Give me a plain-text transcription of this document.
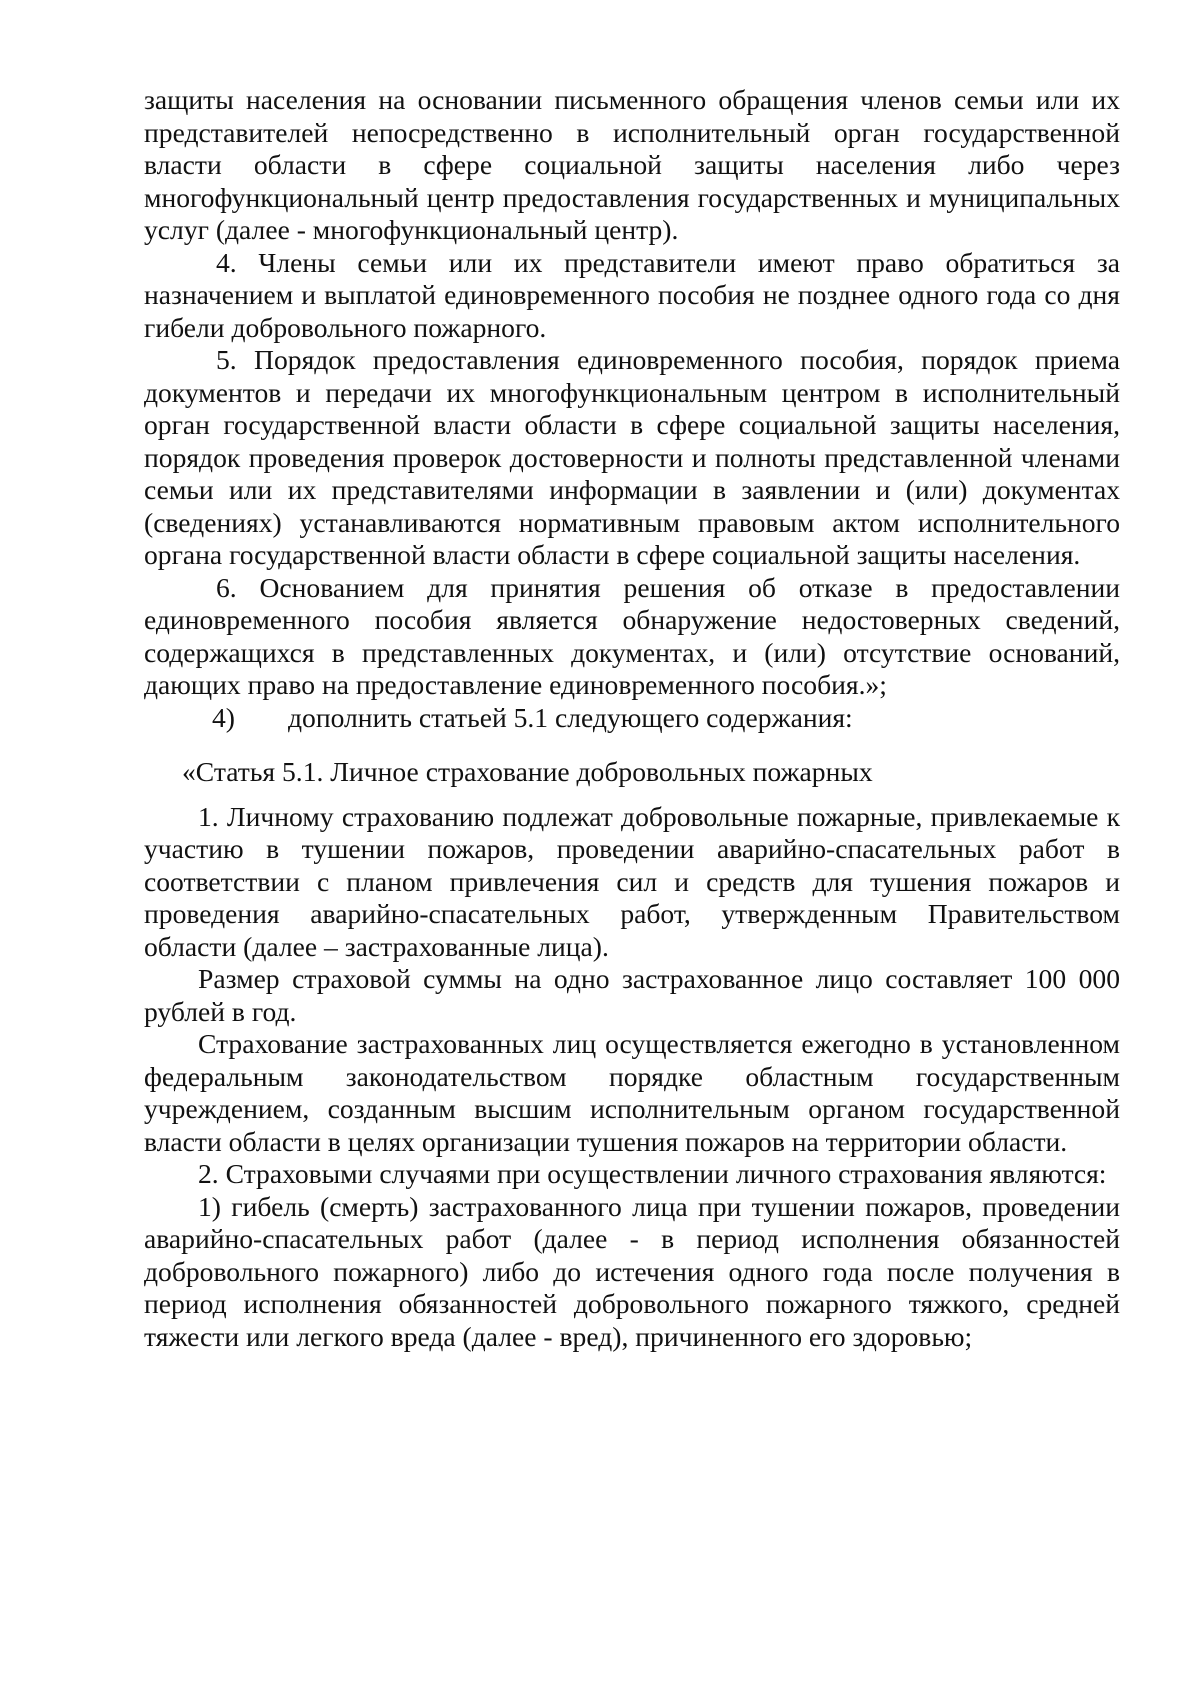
защиты населения на основании письменного обращения членов семьи или их представителей непосредственно в исполнительный орган государственной власти области в сфере социальной защиты населения либо через многофункциональный центр предоставления государственных и муниципальных услуг (далее - многофункциональный центр).

4. Члены семьи или их представители имеют право обратиться за назначением и выплатой единовременного пособия не позднее одного года со дня гибели добровольного пожарного.

5. Порядок предоставления единовременного пособия, порядок приема документов и передачи их многофункциональным центром в исполнительный орган государственной власти области в сфере социальной защиты населения, порядок проведения проверок достоверности и полноты представленной членами семьи или их представителями информации в заявлении и (или) документах (сведениях) устанавливаются нормативным правовым актом исполнительного органа государственной власти области в сфере социальной защиты населения.

6. Основанием для принятия решения об отказе в предоставлении единовременного пособия является обнаружение недостоверных сведений, содержащихся в представленных документах, и (или) отсутствие оснований, дающих право на предоставление единовременного пособия.»;

4) дополнить статьей 5.1 следующего содержания:

«Статья 5.1. Личное страхование добровольных пожарных

1. Личному страхованию подлежат добровольные пожарные, привлекаемые к участию в тушении пожаров, проведении аварийно-спасательных работ в соответствии с планом привлечения сил и средств для тушения пожаров и проведения аварийно-спасательных работ, утвержденным Правительством области (далее – застрахованные лица).

Размер страховой суммы на одно застрахованное лицо составляет 100 000 рублей в год.

Страхование застрахованных лиц осуществляется ежегодно в установленном федеральным законодательством порядке областным государственным учреждением, созданным высшим исполнительным органом государственной власти области в целях организации тушения пожаров на территории области.

2. Страховыми случаями при осуществлении личного страхования являются:

1) гибель (смерть) застрахованного лица при тушении пожаров, проведении аварийно-спасательных работ (далее - в период исполнения обязанностей добровольного пожарного) либо до истечения одного года после получения в период исполнения обязанностей добровольного пожарного тяжкого, средней тяжести или легкого вреда (далее - вред), причиненного его здоровью;
